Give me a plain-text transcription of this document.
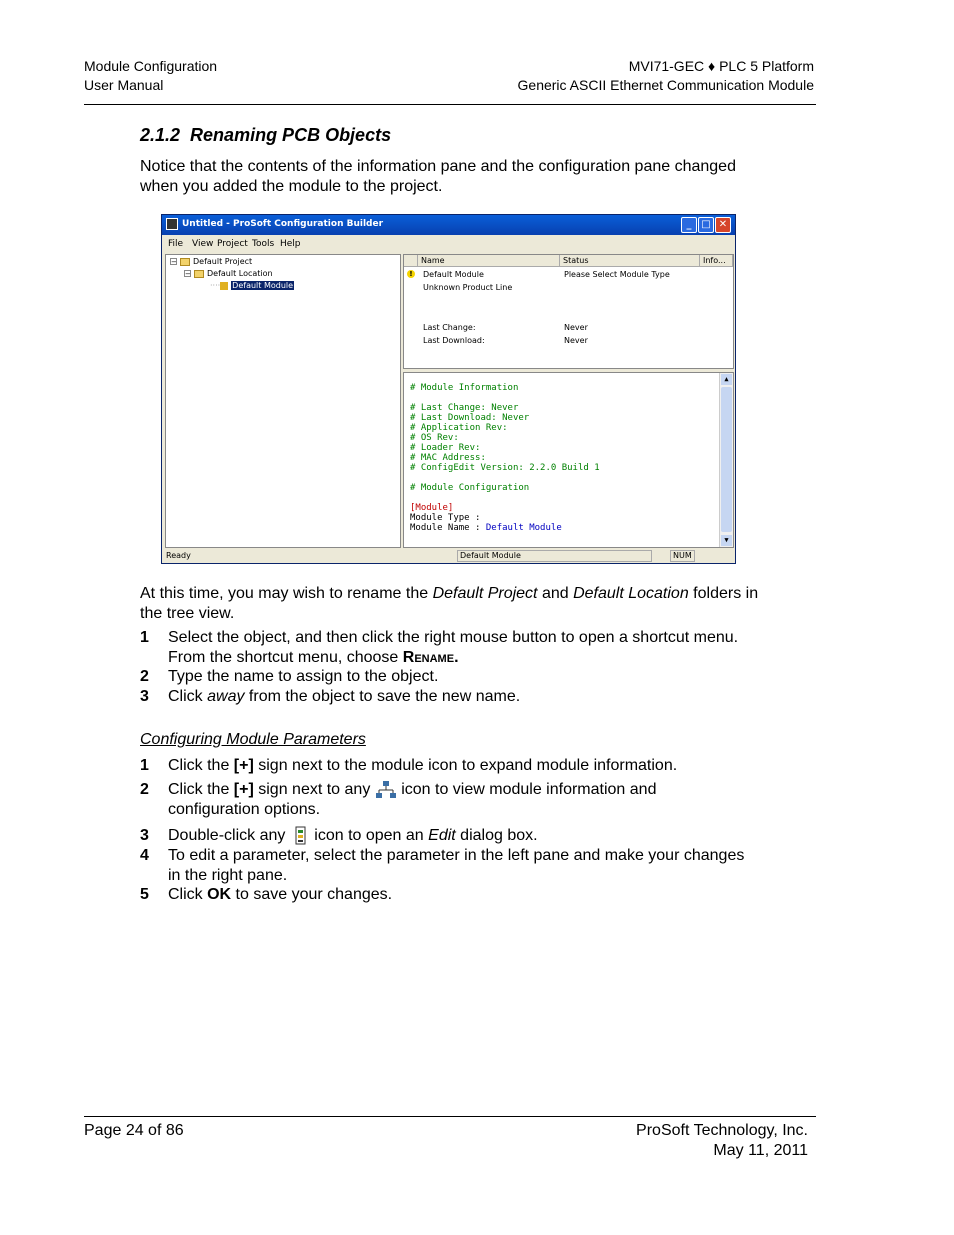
Module Configuration
User Manual
MVI71-GEC ♦ PLC 5 Platform
Generic ASCII Ethernet Communication Module
2.1.2 Renaming PCB Objects
Notice that the contents of the information pane and the configuration pane changed when you added the module to the project.
Untitled - ProSoft Configuration Builder	_ □ ✕
File View Project Tools Help
− Default Project
− Default Location
···· Default Module
Name	Status	Info...
!	Default Module	Please Select Module Type
Unknown Product Line
Last Change:	Never
Last Download:	Never
# Module Information
# Last Change: Never
# Last Download: Never
# Application Rev:
# OS Rev:
# Loader Rev:
# MAC Address:
# ConfigEdit Version: 2.2.0 Build 1
# Module Configuration
[Module]
Module Type :
Module Name : Default Module
▲
▼
Ready	Default Module	NUM
At this time, you may wish to rename the Default Project and Default Location folders in the tree view.
1 Select the object, and then click the right mouse button to open a shortcut menu. From the shortcut menu, choose Rename.
2 Type the name to assign to the object.
3 Click away from the object to save the new name.
Configuring Module Parameters
1 Click the [+] sign next to the module icon to expand module information.
2 Click the [+] sign next to any  icon to view module information and configuration options.
3 Double-click any  icon to open an Edit dialog box.
4 To edit a parameter, select the parameter in the left pane and make your changes in the right pane.
5 Click OK to save your changes.
Page 24 of 86	ProSoft Technology, Inc.
May 11, 2011
